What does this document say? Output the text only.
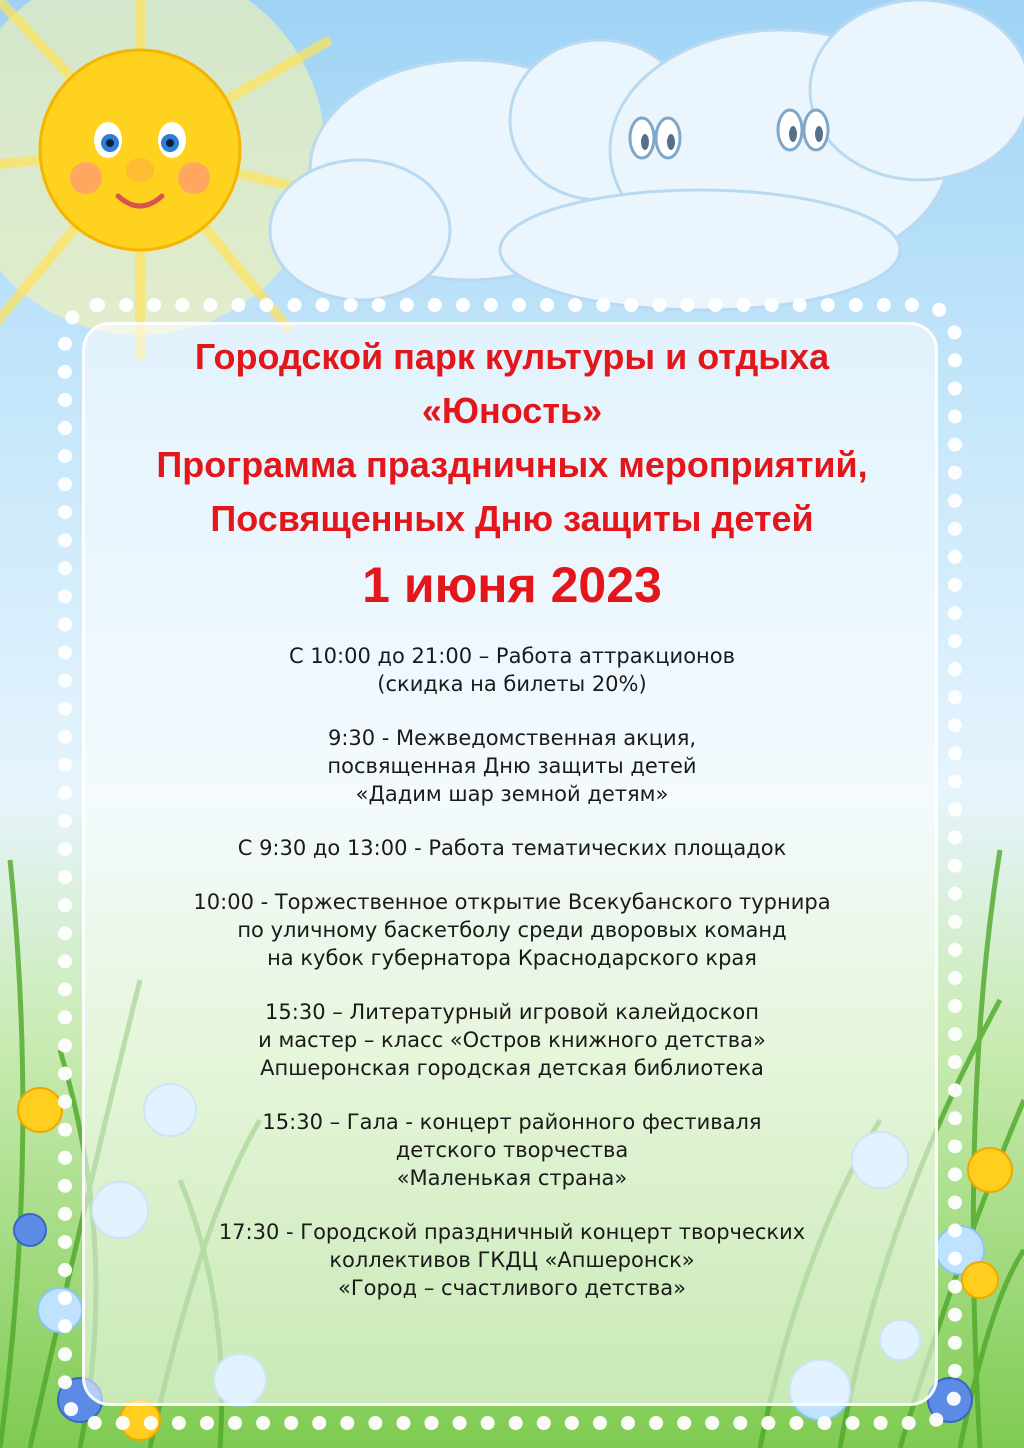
Городской парк культуры и отдыха

«Юность»

Программа праздничных мероприятий,

Посвященных Дню защиты детей

1 июня 2023

С 10:00 до 21:00 – Работа аттракционов
(скидка на билеты 20%)
9:30 - Межведомственная акция,
посвященная Дню защиты детей
«Дадим шар земной детям»
С 9:30 до 13:00 - Работа тематических площадок
10:00 - Торжественное открытие Всекубанского турнира
по уличному баскетболу среди дворовых команд
на кубок губернатора Краснодарского края
15:30 – Литературный игровой калейдоскоп
и мастер – класс «Остров книжного детства»
Апшеронская городская детская библиотека
15:30 – Гала - концерт районного фестиваля
детского творчества
«Маленькая страна»
17:30 - Городской праздничный концерт творческих
коллективов ГКДЦ «Апшеронск»
«Город – счастливого детства»
